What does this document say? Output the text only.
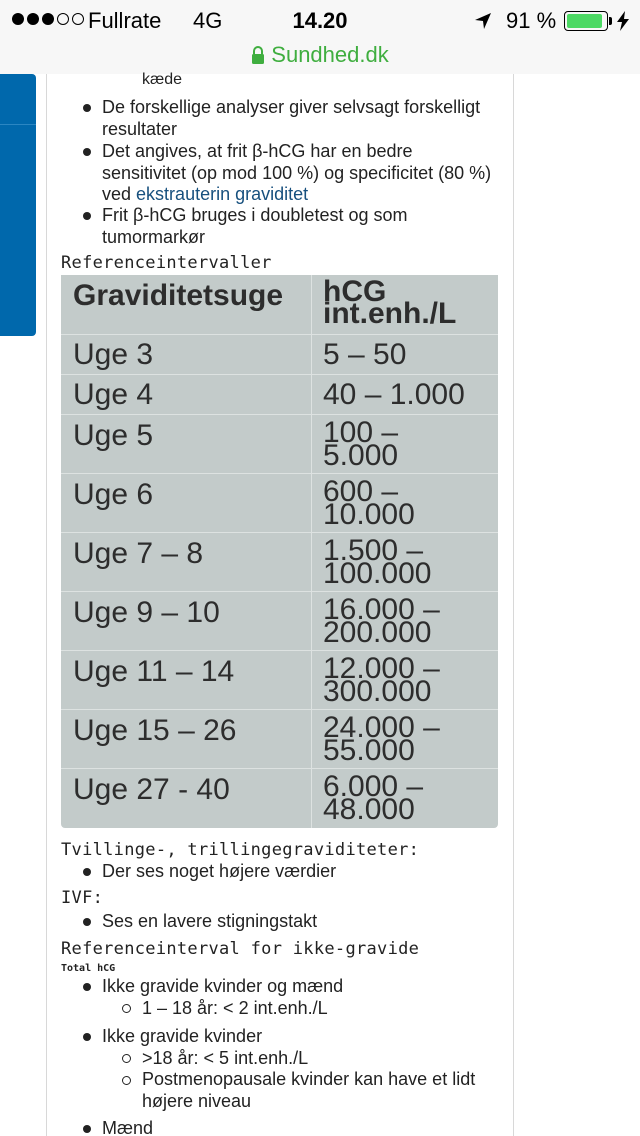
Fullrate 4G	14.20	91 %
Sundhed.dk
kæde
De forskellige analyser giver selvsagt forskelligt resultater
Det angives, at frit β-hCG har en bedre sensitivitet (op mod 100 %) og specificitet (80 %) ved ekstrauterin graviditet
Frit β-hCG bruges i doubletest og som tumormarkør
Referenceintervaller
Graviditetsuge hCG int.enh./L
Uge 3	5 – 50
Uge 4	40 – 1.000
Uge 5	100 –
5.000
Uge 6	600 –
10.000
Uge 7 – 8	1.500 –
100.000
Uge 9 – 10	16.000 –
200.000
Uge 11 – 14	12.000 –
300.000
Uge 15 – 26	24.000 –
55.000
Uge 27 - 40	6.000 –
48.000
Tvillinge-, trillingegraviditeter:
Der ses noget højere værdier
IVF:
Ses en lavere stigningstakt
Referenceinterval for ikke-gravide
Total hCG
Ikke gravide kvinder og mænd
1 – 18 år: < 2 int.enh./L
Ikke gravide kvinder
>18 år: < 5 int.enh./L
Postmenopausale kvinder kan have et lidt højere niveau
Mænd
